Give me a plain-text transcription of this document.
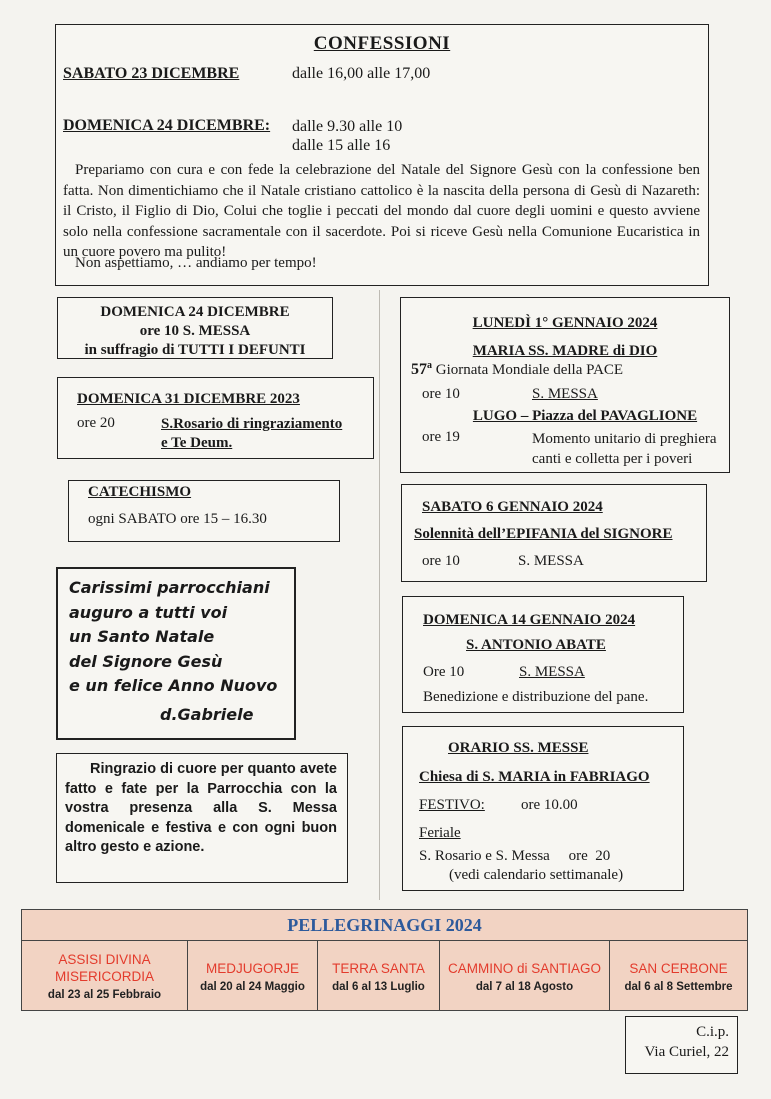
CONFESSIONI
SABATO 23 DICEMBRE	dalle 16,00 alle 17,00
DOMENICA 24 DICEMBRE: dalle 9.30 alle 10
dalle 15 alle 16

Prepariamo con cura e con fede la celebrazione del Natale del Signore Gesù con la confessione ben fatta. Non dimentichiamo che il Natale cristiano cattolico è la nascita della persona di Gesù di Nazareth: il Cristo, il Figlio di Dio, Colui che toglie i peccati del mondo dal cuore degli uomini e questo avviene solo nella confessione sacramentale con il sacerdote. Poi si riceve Gesù nella Comunione Eucaristica in un cuore povero ma pulito!

Non aspettiamo, … andiamo per tempo!

DOMENICA 24 DICEMBRE
ore 10 S. MESSA
in suffragio di TUTTI I DEFUNTI
DOMENICA 31 DICEMBRE 2023
ore 20	S.Rosario di ringraziamento
e Te Deum.
CATECHISMO
ogni SABATO ore 15 – 16.30
Carissimi parrocchiani
auguro a tutti voi
un Santo Natale
del Signore Gesù
e un felice Anno Nuovo
d.Gabriele

Ringrazio di cuore per quanto avete fatto e fate per la Parrocchia con la vostra presenza alla S. Messa domenicale e festiva e con ogni buon altro gesto e azione.

LUNEDÌ 1° GENNAIO 2024
MARIA SS. MADRE di DIO
57$^a$ Giornata Mondiale della PACE
ore 10	S. MESSA
LUGO – Piazza del PAVAGLIONE
ore 19	Momento unitario di preghiera
canti e colletta per i poveri
SABATO 6 GENNAIO 2024
Solennità dell’EPIFANIA del SIGNORE
ore 10	S. MESSA
DOMENICA 14 GENNAIO 2024
S. ANTONIO ABATE
Ore 10	S. MESSA
Benedizione e distribuzione del pane.
ORARIO SS. MESSE
Chiesa di S. MARIA in FABRIAGO
FESTIVO: ore 10.00
Feriale
S. Rosario e S. Messa     ore  20
(vedi calendario settimanale)
PELLEGRINAGGI 2024
ASSISI DIVINA
MISERICORDIA
dal 23 al 25 Febbraio
MEDJUGORJE
dal 20 al 24 Maggio
TERRA SANTA
dal 6 al 13 Luglio
CAMMINO di SANTIAGO
dal 7 al 18 Agosto
SAN CERBONE
dal 6 al 8 Settembre
C.i.p.
Via Curiel, 22
